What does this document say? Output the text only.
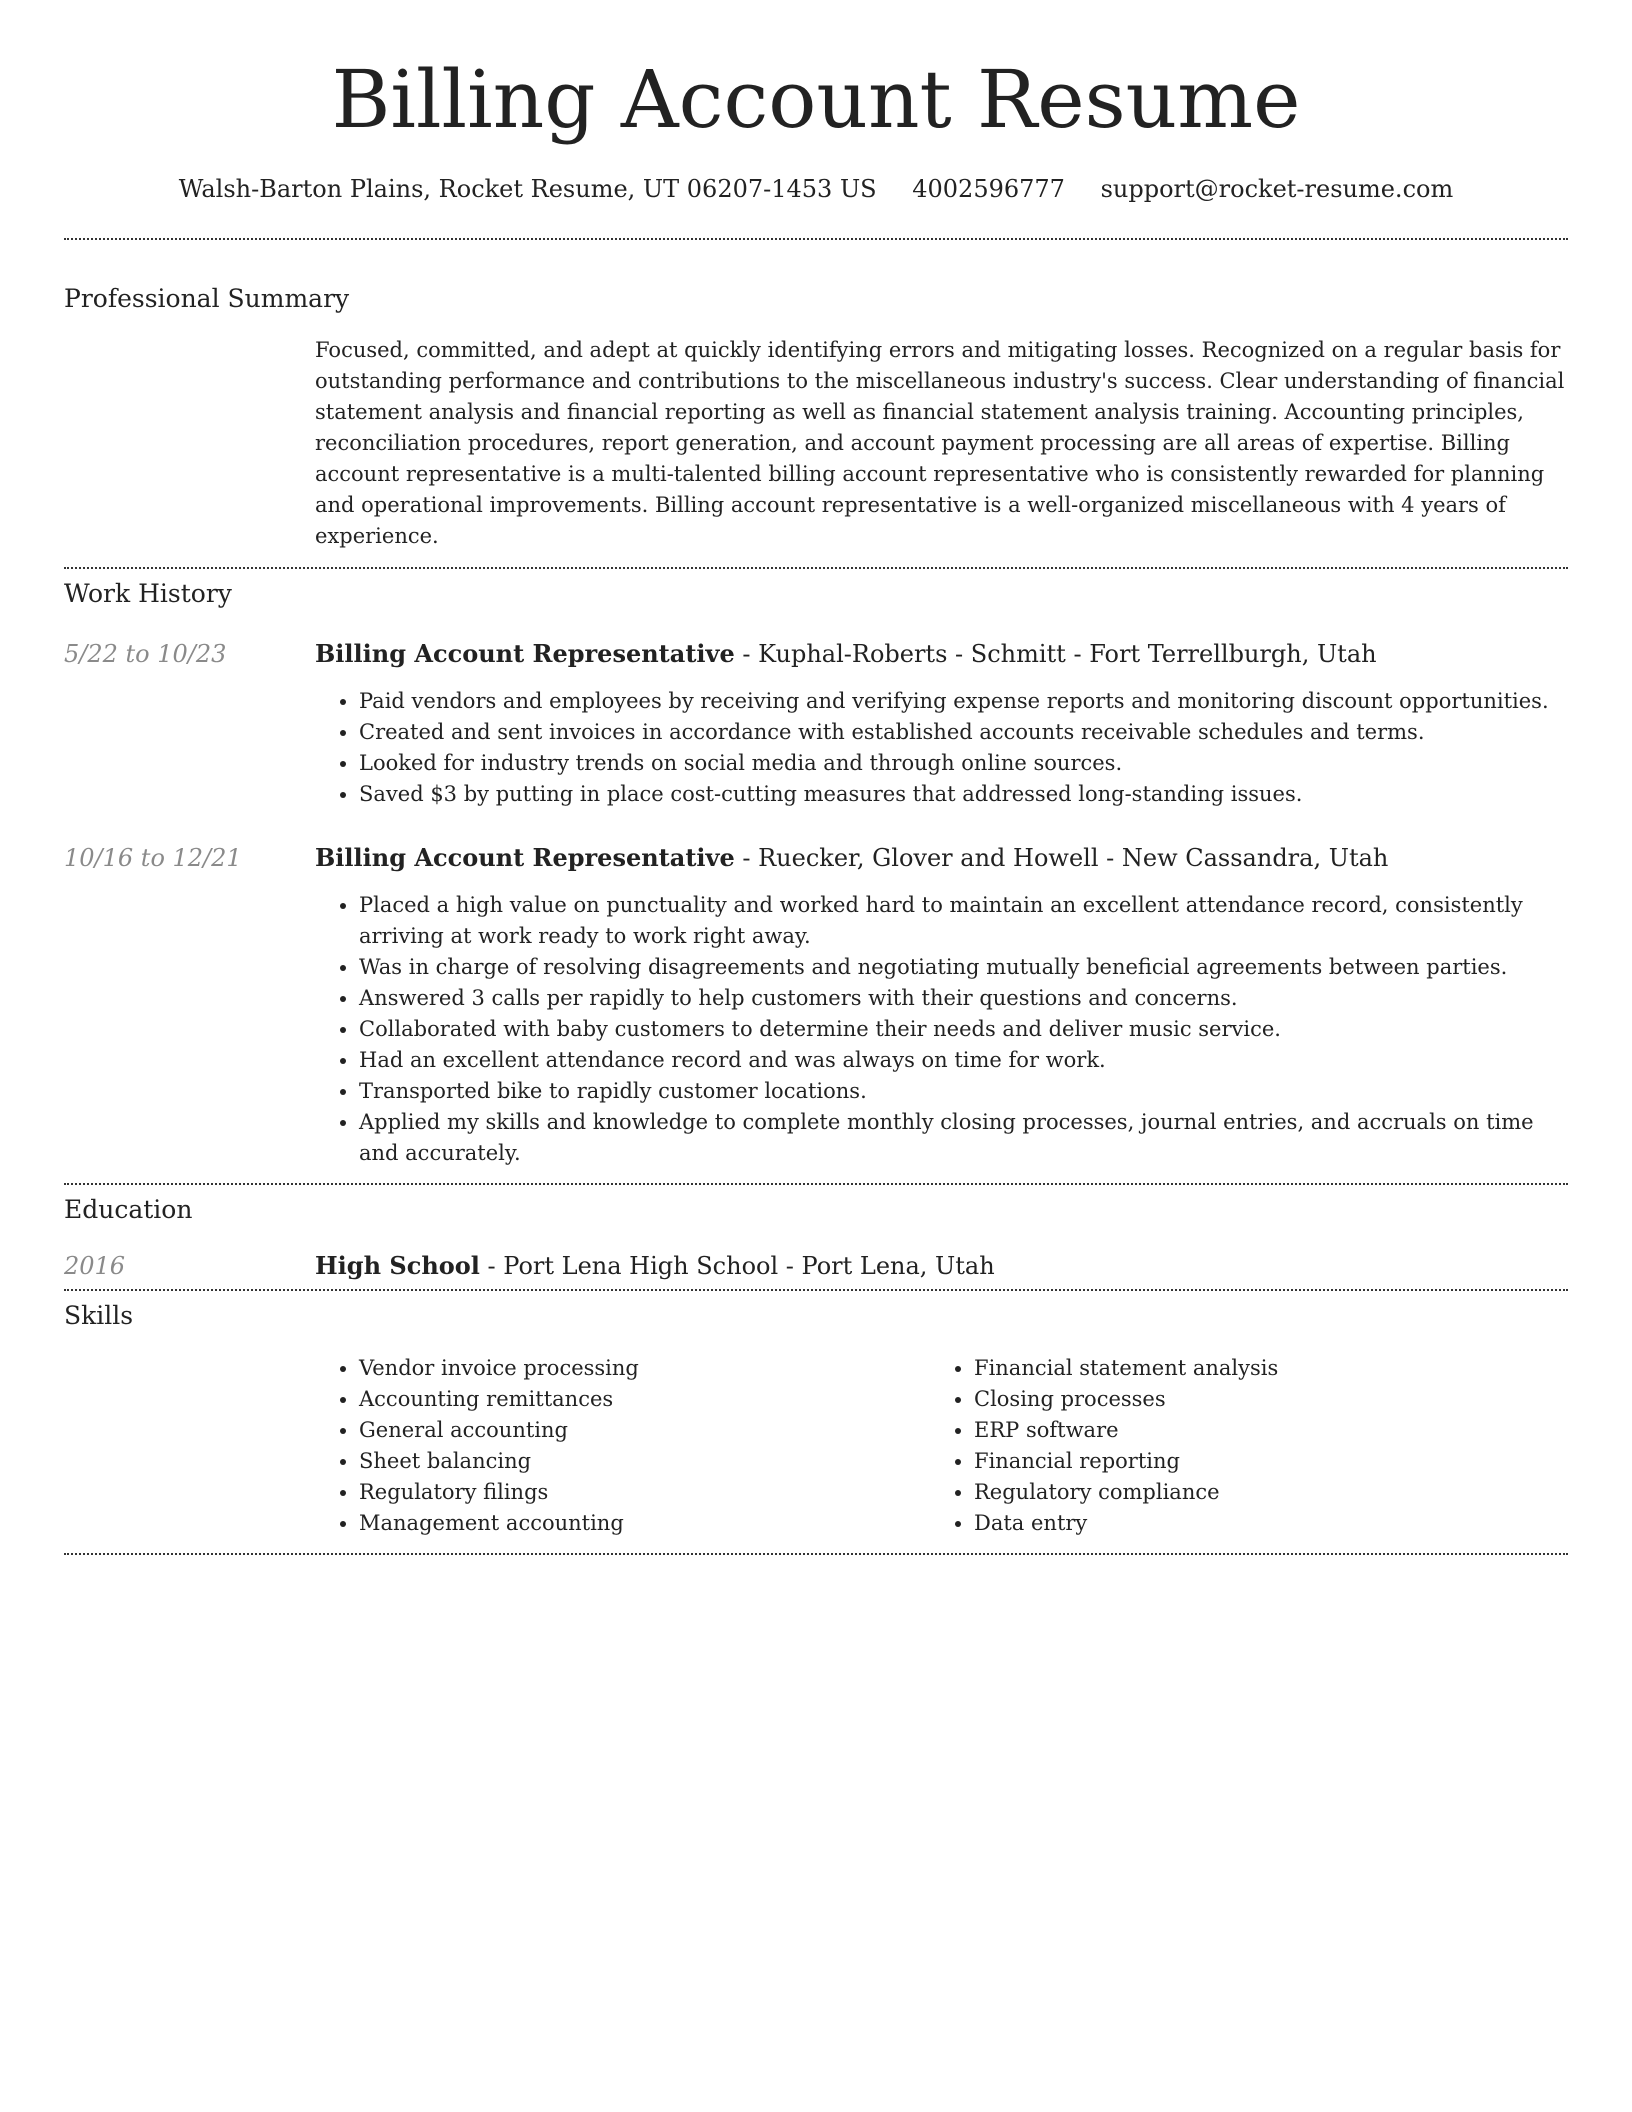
Billing Account Resume
Walsh-Barton Plains, Rocket Resume, UT 06207-1453 US 4002596777 support@rocket-resume.com
Professional Summary
Focused, committed, and adept at quickly identifying errors and mitigating losses. Recognized on a regular basis for outstanding performance and contributions to the miscellaneous industry's success. Clear understanding of financial statement analysis and financial reporting as well as financial statement analysis training. Accounting principles, reconciliation procedures, report generation, and account payment processing are all areas of expertise. Billing account representative is a multi-talented billing account representative who is consistently rewarded for planning and operational improvements. Billing account representative is a well-organized miscellaneous with 4 years of experience.
Work History
5/22 to 10/23	Billing Account Representative - Kuphal-Roberts - Schmitt - Fort Terrellburgh, Utah
• Paid vendors and employees by receiving and verifying expense reports and monitoring discount opportunities.
• Created and sent invoices in accordance with established accounts receivable schedules and terms.
• Looked for industry trends on social media and through online sources.
• Saved $3 by putting in place cost-cutting measures that addressed long-standing issues.
10/16 to 12/21	Billing Account Representative - Ruecker, Glover and Howell - New Cassandra, Utah
• Placed a high value on punctuality and worked hard to maintain an excellent attendance record, consistently arriving at work ready to work right away.
• Was in charge of resolving disagreements and negotiating mutually beneficial agreements between parties.
• Answered 3 calls per rapidly to help customers with their questions and concerns.
• Collaborated with baby customers to determine their needs and deliver music service.
• Had an excellent attendance record and was always on time for work.
• Transported bike to rapidly customer locations.
• Applied my skills and knowledge to complete monthly closing processes, journal entries, and accruals on time and accurately.
Education
2016	High School - Port Lena High School - Port Lena, Utah
Skills
• Vendor invoice processing
• Accounting remittances
• General accounting
• Sheet balancing
• Regulatory filings
• Management accounting
• Financial statement analysis
• Closing processes
• ERP software
• Financial reporting
• Regulatory compliance
• Data entry
